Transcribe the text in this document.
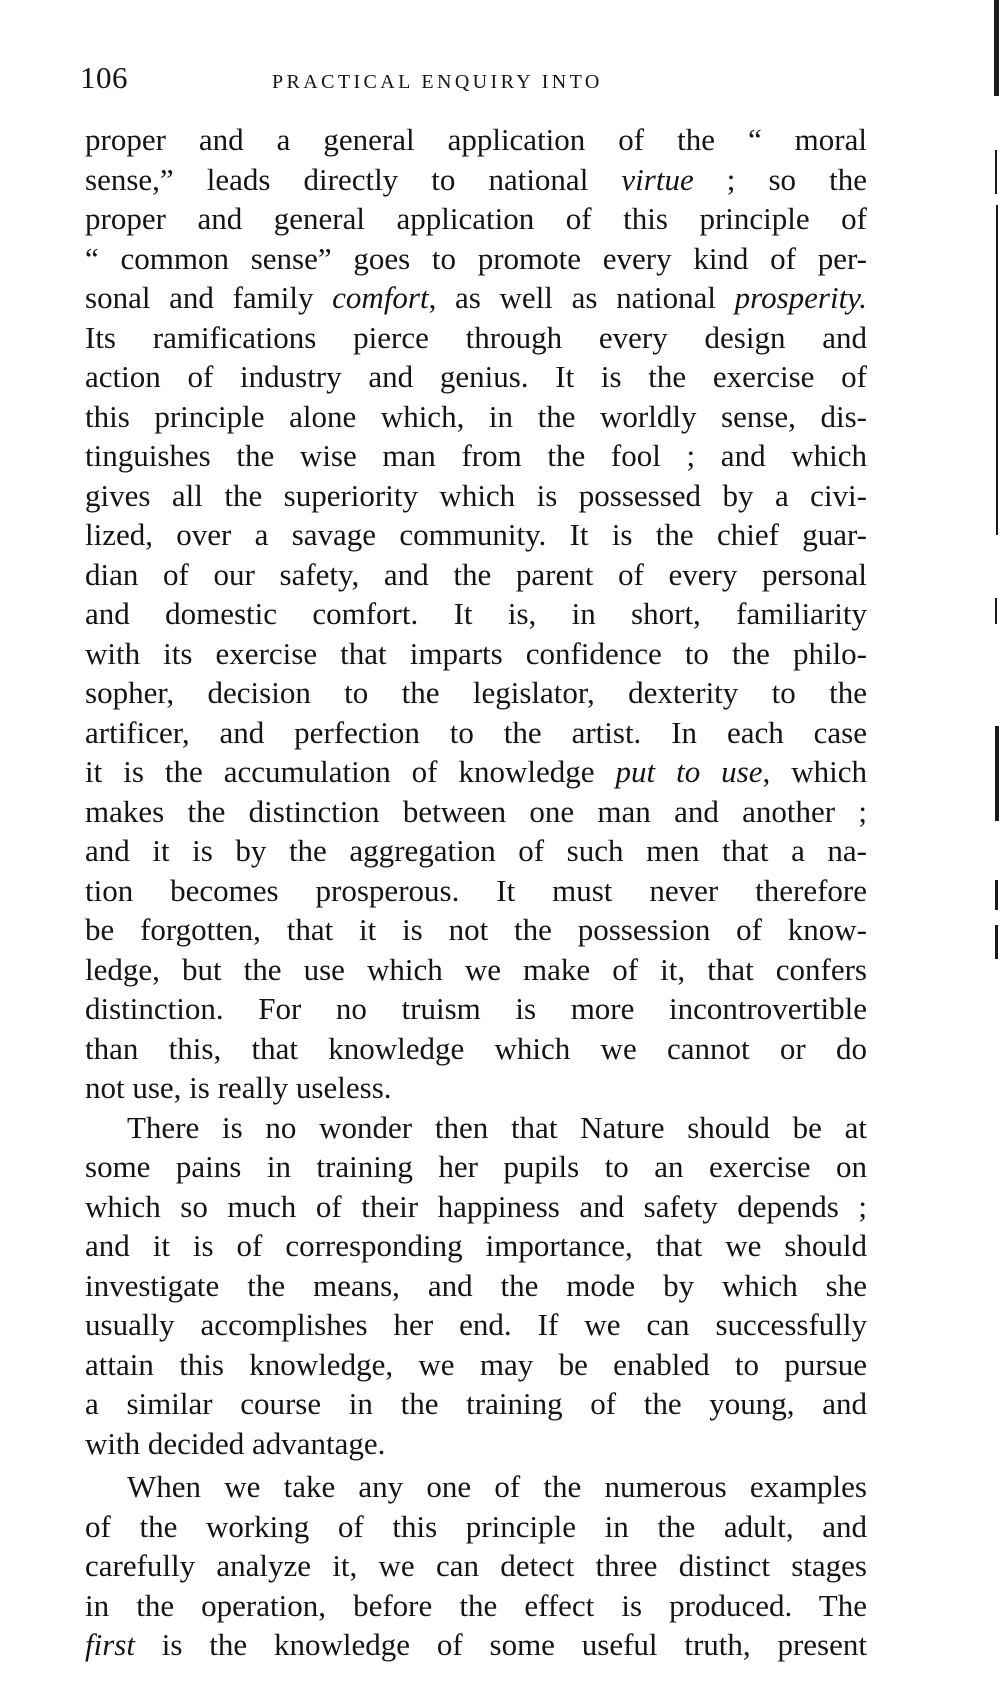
106	PRACTICAL ENQUIRY INTO
proper and a general application of the “ moral
sense,” leads directly to national virtue ; so the
proper and general application of this principle of
“ common sense” goes to promote every kind of per-
sonal and family comfort, as well as national prosperity.
Its ramifications pierce through every design and
action of industry and genius. It is the exercise of
this principle alone which, in the worldly sense, dis-
tinguishes the wise man from the fool ; and which
gives all the superiority which is possessed by a civi-
lized, over a savage community. It is the chief guar-
dian of our safety, and the parent of every personal
and domestic comfort. It is, in short, familiarity
with its exercise that imparts confidence to the philo-
sopher, decision to the legislator, dexterity to the
artificer, and perfection to the artist. In each case
it is the accumulation of knowledge put to use, which
makes the distinction between one man and another ;
and it is by the aggregation of such men that a na-
tion becomes prosperous. It must never therefore
be forgotten, that it is not the possession of know-
ledge, but the use which we make of it, that confers
distinction. For no truism is more incontrovertible
than this, that knowledge which we cannot or do
not use, is really useless.
There is no wonder then that Nature should be at
some pains in training her pupils to an exercise on
which so much of their happiness and safety depends ;
and it is of corresponding importance, that we should
investigate the means, and the mode by which she
usually accomplishes her end. If we can successfully
attain this knowledge, we may be enabled to pursue
a similar course in the training of the young, and
with decided advantage.
When we take any one of the numerous examples
of the working of this principle in the adult, and
carefully analyze it, we can detect three distinct stages
in the operation, before the effect is produced. The
first is the knowledge of some useful truth, present
